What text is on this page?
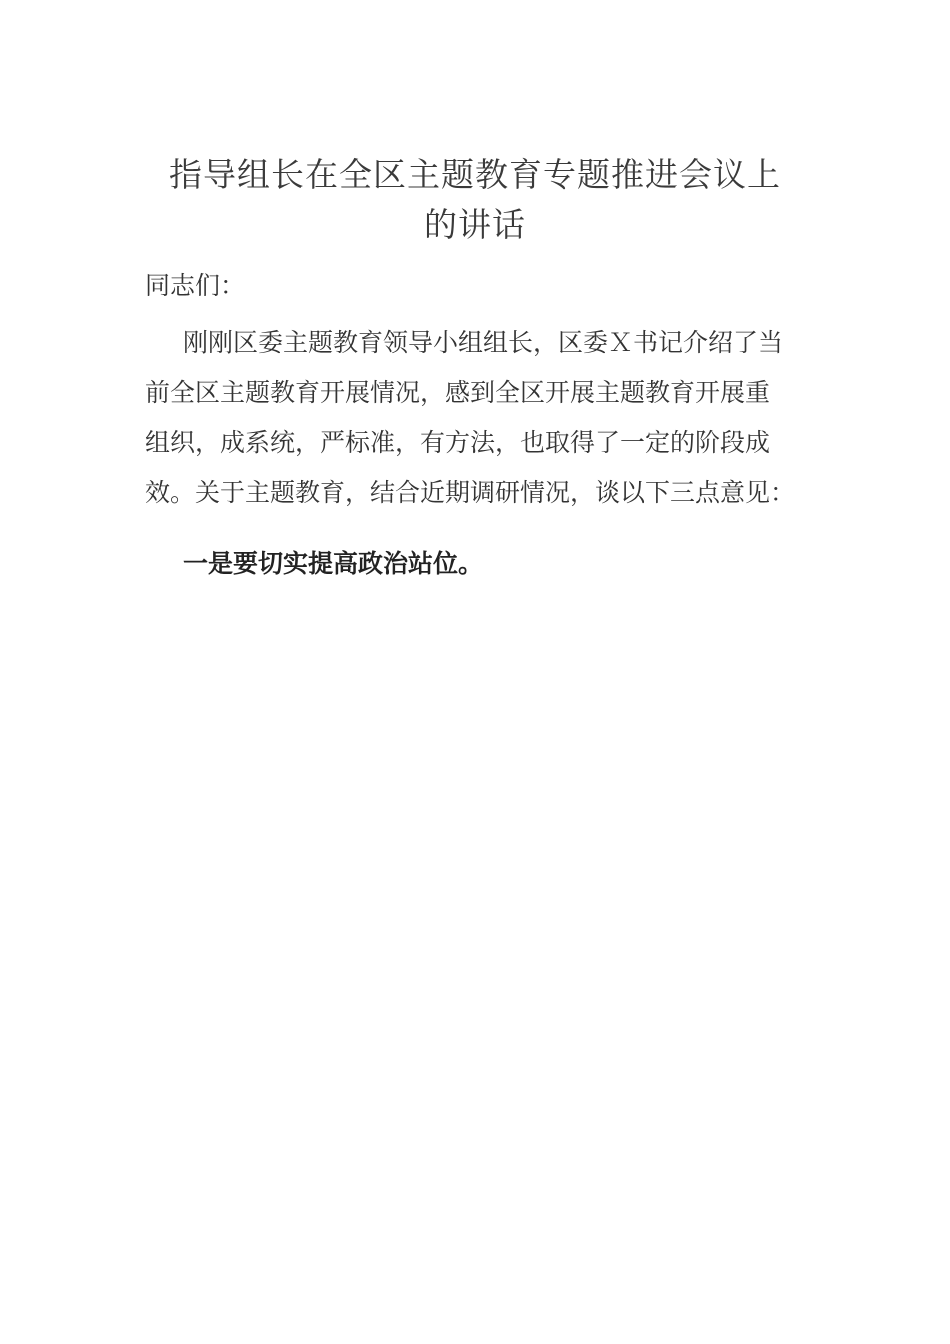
指导组长在全区主题教育专题推进会议上
的讲话

同志们：

刚刚区委主题教育领导小组组长，区委Ｘ书记介绍了当
前全区主题教育开展情况，感到全区开展主题教育开展重
组织，成系统，严标准，有方法，也取得了一定的阶段成
效。关于主题教育，结合近期调研情况，谈以下三点意见：

一是要切实提高政治站位。
